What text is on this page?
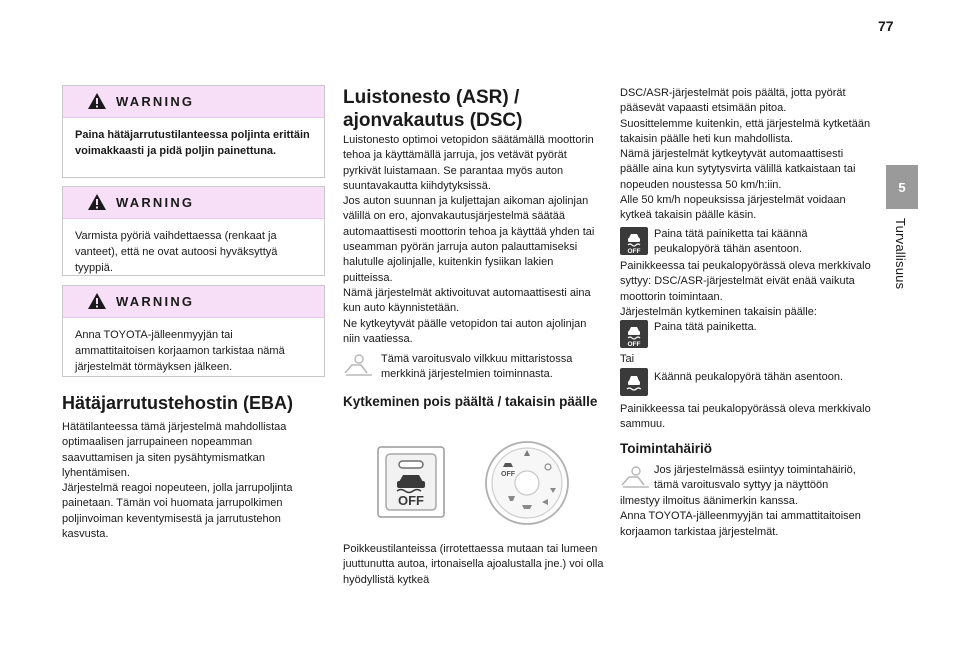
77
5
Turvallisuus
WARNING
Paina hätäjarrutustilanteessa poljinta erittäin voimakkaasti ja pidä poljin painettuna.
WARNING
Varmista pyöriä vaihdettaessa (renkaat ja vanteet), että ne ovat autoosi hyväksyttyä tyyppiä.
WARNING
Anna TOYOTA-jälleenmyyjän tai ammattitaitoisen korjaamon tarkistaa nämä järjestelmät törmäyksen jälkeen.
Hätäjarrutustehostin (EBA)
Hätätilanteessa tämä järjestelmä mahdollistaa optimaalisen jarrupaineen nopeamman saavuttamisen ja siten pysähtymismatkan lyhentämisen.
Järjestelmä reagoi nopeuteen, jolla jarrupoljinta painetaan. Tämän voi huomata jarrupolkimen poljinvoiman keventymisestä ja jarrutustehon kasvusta.
Luistonesto (ASR) / ajonvakautus (DSC)
Luistonesto optimoi vetopidon säätämällä moottorin tehoa ja käyttämällä jarruja, jos vetävät pyörät pyrkivät luistamaan. Se parantaa myös auton suuntavakautta kiihdytyksissä.
Jos auton suunnan ja kuljettajan aikoman ajolinjan välillä on ero, ajonvakautusjärjestelmä säätää automaattisesti moottorin tehoa ja käyttää yhden tai useamman pyörän jarruja auton palauttamiseksi halutulle ajolinjalle, kuitenkin fysiikan lakien puitteissa.
Nämä järjestelmät aktivoituvat automaattisesti aina kun auto käynnistetään.
Ne kytkeytyvät päälle vetopidon tai auton ajolinjan niin vaatiessa.
Tämä varoitusvalo vilkkuu mittaristossa merkkinä järjestelmien toiminnasta.
Kytkeminen pois päältä / takaisin päälle
OFF
OFF
Poikkeustilanteissa (irrotettaessa mutaan tai lumeen juuttunutta autoa, irtonaisella ajoalustalla jne.) voi olla hyödyllistä kytkeä
DSC/ASR-järjestelmät pois päältä, jotta pyörät pääsevät vapaasti etsimään pitoa.
Suosittelemme kuitenkin, että järjestelmä kytketään takaisin päälle heti kun mahdollista.
Nämä järjestelmät kytkeytyvät automaattisesti päälle aina kun sytytysvirta välillä katkaistaan tai nopeuden noustessa 50 km/h:iin.
Alle 50 km/h nopeuksissa järjestelmät voidaan kytkeä takaisin päälle käsin.
OFF
Paina tätä painiketta tai käännä peukalopyörä tähän asentoon.
Painikkeessa tai peukalopyörässä oleva merkkivalo syttyy: DSC/ASR-järjestelmät eivät enää vaikuta moottorin toimintaan.
Järjestelmän kytkeminen takaisin päälle:
OFF
Paina tätä painiketta.
Tai
Käännä peukalopyörä tähän asentoon.
Painikkeessa tai peukalopyörässä oleva merkkivalo sammuu.
Toimintahäiriö
Jos järjestelmässä esiintyy toimintahäiriö, tämä varoitusvalo syttyy ja näyttöön
ilmestyy ilmoitus äänimerkin kanssa.
Anna TOYOTA-jälleenmyyjän tai ammattitaitoisen korjaamon tarkistaa järjestelmät.
